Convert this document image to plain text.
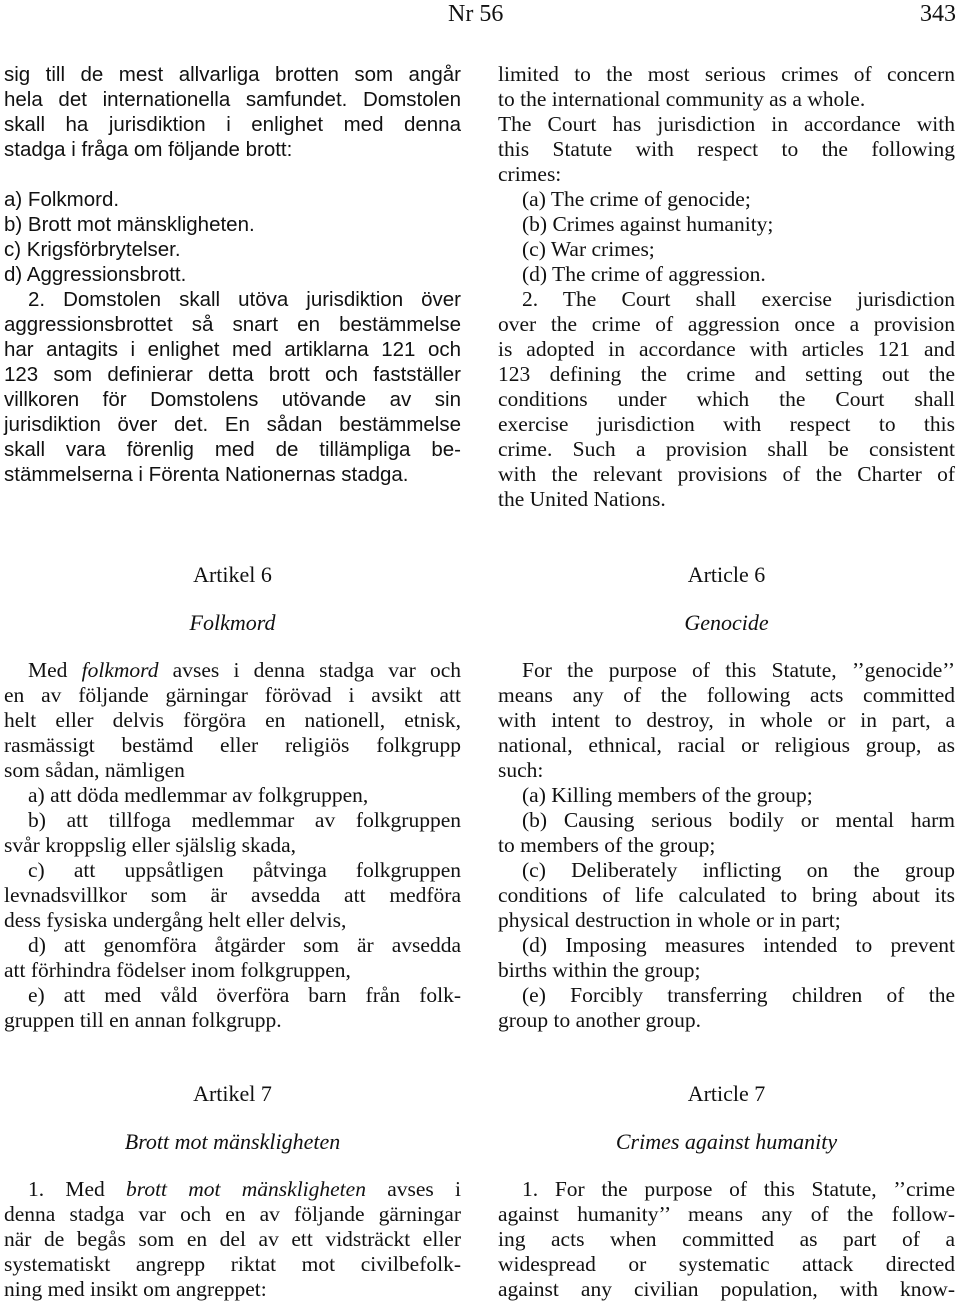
Nr 56	343

sig till de mest allvarliga brotten som angår

hela det internationella samfundet. Domstolen

skall ha jurisdiktion i enlighet med denna

stadga i fråga om följande brott:

a) Folkmord.

b) Brott mot mänskligheten.

c) Krigsförbrytelser.

d) Aggressionsbrott.

2. Domstolen skall utöva jurisdiktion över

aggressionsbrottet så snart en bestämmelse

har antagits i enlighet med artiklarna 121 och

123 som definierar detta brott och fastställer

villkoren för Domstolens utövande av sin

jurisdiktion över det. En sådan bestämmelse

skall vara förenlig med de tillämpliga be-

stämmelserna i Förenta Nationernas stadga.

Artikel 6

Folkmord

Med folkmord avses i denna stadga var och

en av följande gärningar förövad i avsikt att

helt eller delvis förgöra en nationell, etnisk,

rasmässigt bestämd eller religiös folkgrupp

som sådan, nämligen

a) att döda medlemmar av folkgruppen,

b) att tillfoga medlemmar av folkgruppen

svår kroppslig eller själslig skada,

c) att uppsåtligen påtvinga folkgruppen

levnadsvillkor som är avsedda att medföra

dess fysiska undergång helt eller delvis,

d) att genomföra åtgärder som är avsedda

att förhindra födelser inom folkgruppen,

e) att med våld överföra barn från folk-

gruppen till en annan folkgrupp.

Artikel 7

Brott mot mänskligheten

1. Med brott mot mänskligheten avses i

denna stadga var och en av följande gärningar

när de begås som en del av ett vidsträckt eller

systematiskt angrepp riktat mot civilbefolk-

ning med insikt om angreppet:

limited to the most serious crimes of concern

to the international community as a whole.

The Court has jurisdiction in accordance with

this Statute with respect to the following

crimes:

(a) The crime of genocide;

(b) Crimes against humanity;

(c) War crimes;

(d) The crime of aggression.

2. The Court shall exercise jurisdiction

over the crime of aggression once a provision

is adopted in accordance with articles 121 and

123 defining the crime and setting out the

conditions under which the Court shall

exercise jurisdiction with respect to this

crime. Such a provision shall be consistent

with the relevant provisions of the Charter of

the United Nations.

Article 6

Genocide

For the purpose of this Statute, ’’genocide’’

means any of the following acts committed

with intent to destroy, in whole or in part, a

national, ethnical, racial or religious group, as

such:

(a) Killing members of the group;

(b) Causing serious bodily or mental harm

to members of the group;

(c) Deliberately inflicting on the group

conditions of life calculated to bring about its

physical destruction in whole or in part;

(d) Imposing measures intended to prevent

births within the group;

(e) Forcibly transferring children of the

group to another group.

Article 7

Crimes against humanity

1. For the purpose of this Statute, ’’crime

against humanity’’ means any of the follow-

ing acts when committed as part of a

widespread or systematic attack directed

against any civilian population, with know-
